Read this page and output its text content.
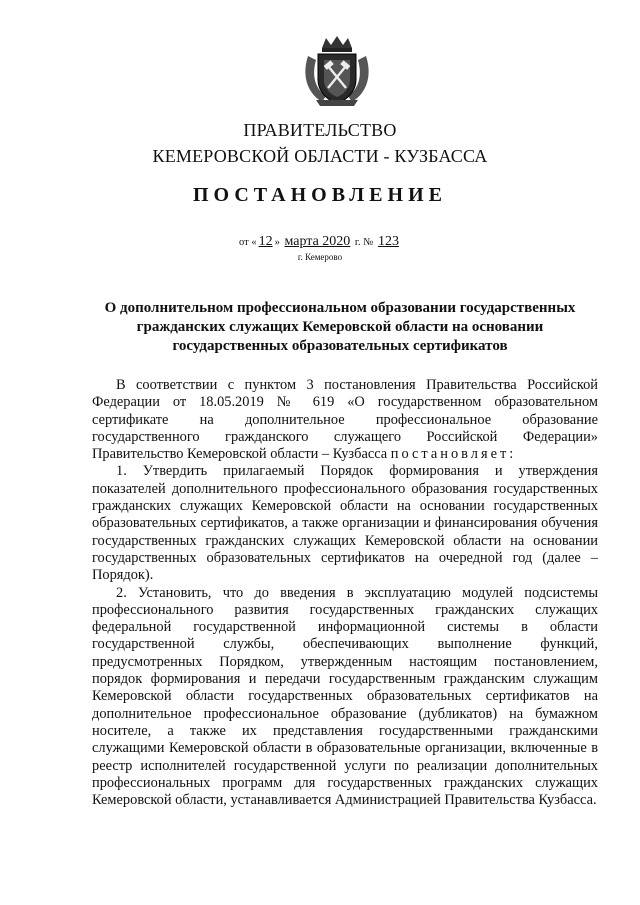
ПРАВИТЕЛЬСТВО
КЕМЕРОВСКОЙ ОБЛАСТИ - КУЗБАССА
ПОСТАНОВЛЕНИЕ
от « 12 » марта 2020 г. № 123
г. Кемерово
О дополнительном профессиональном образовании государственных гражданских служащих Кемеровской области на основании государственных образовательных сертификатов

В соответствии с пунктом 3 постановления Правительства Российской Федерации от 18.05.2019 № 619 «О государственном образовательном сертификате на дополнительное профессиональное образование государственного гражданского служащего Российской Федерации» Правительство Кемеровской области – Кузбасса постановляет:

1. Утвердить прилагаемый Порядок формирования и утверждения показателей дополнительного профессионального образования государственных гражданских служащих Кемеровской области на основании государственных образовательных сертификатов, а также организации и финансирования обучения государственных гражданских служащих Кемеровской области на основании государственных образовательных сертификатов на очередной год (далее – Порядок).

2. Установить, что до введения в эксплуатацию модулей подсистемы профессионального развития государственных гражданских служащих федеральной государственной информационной системы в области государственной службы, обеспечивающих выполнение функций, предусмотренных Порядком, утвержденным настоящим постановлением, порядок формирования и передачи государственным гражданским служащим Кемеровской области государственных образовательных сертификатов на дополнительное профессиональное образование (дубликатов) на бумажном носителе, а также их представления государственными гражданскими служащими Кемеровской области в образовательные организации, включенные в реестр исполнителей государственной услуги по реализации дополнительных профессиональных программ для государственных гражданских служащих Кемеровской области, устанавливается Администрацией Правительства Кузбасса.
